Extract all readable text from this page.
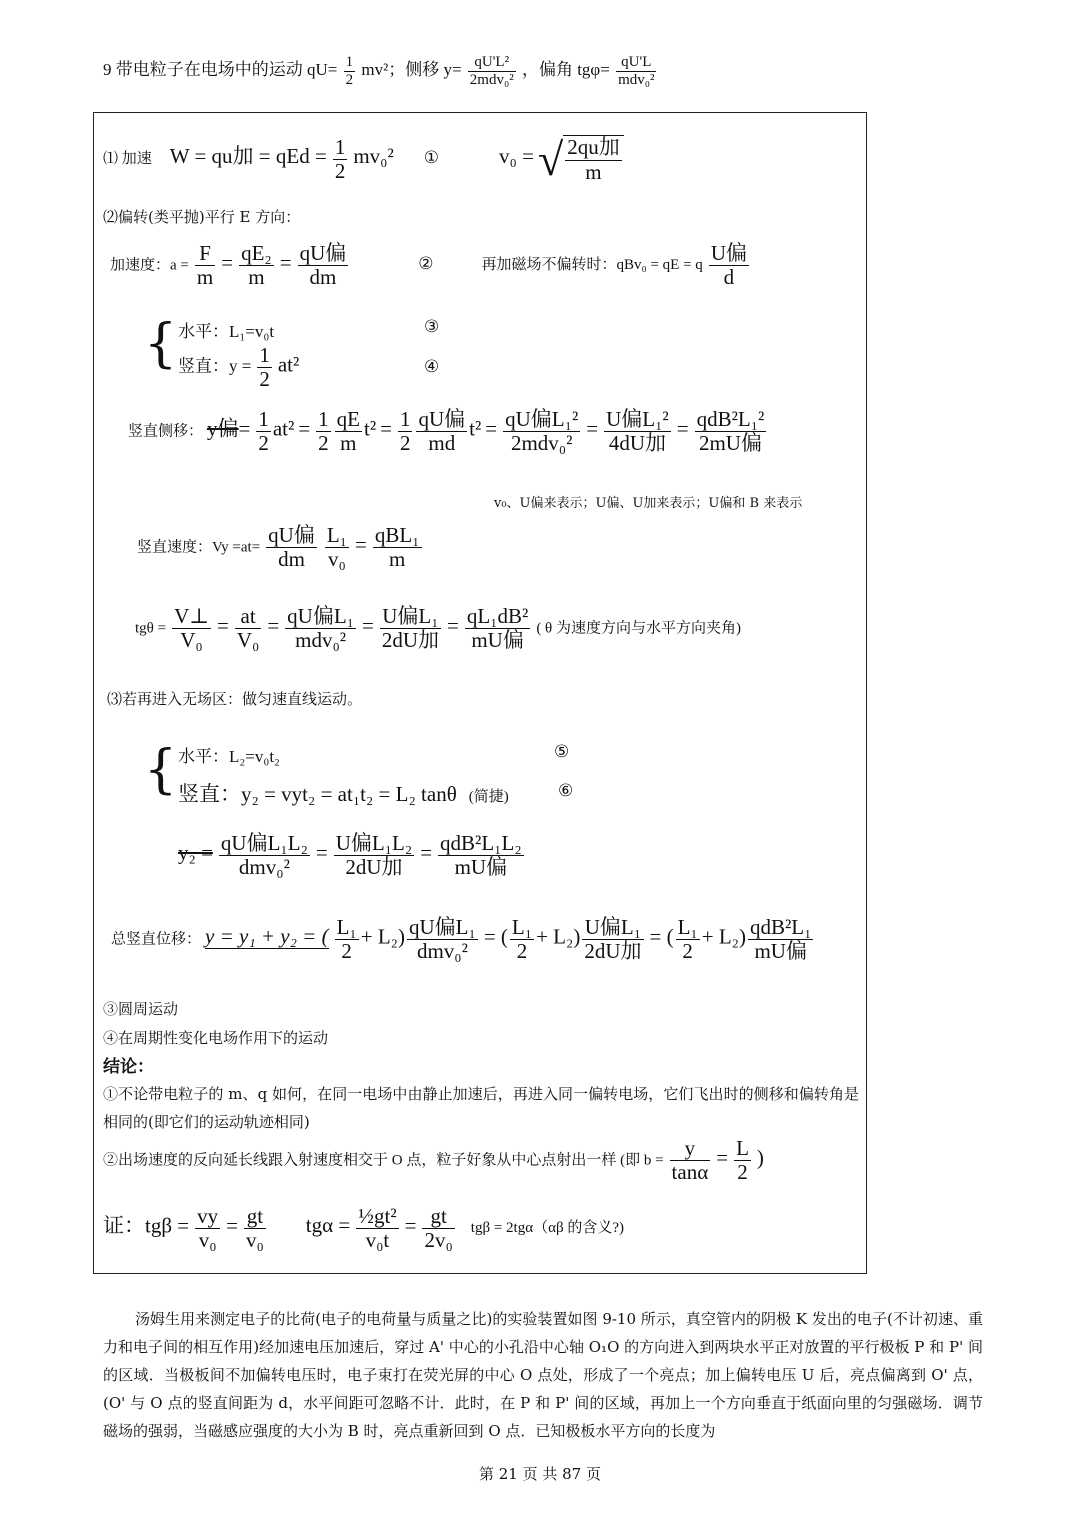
9 带电粒子在电场中的运动 $qU= \frac{1}{2} mv^2$；侧移 $y= \frac{\text{qU'L²}}{\text{2mdv₀²}}$ ，偏角 $tg\varphi= \frac{qU'L}{\text{mdv₀²}}$
⑴ 加速 W = qu加 = qEd = $\frac{1}{2} mv_0^2$ ①	v₀ = √ $\frac{\text{2qu加}}{m}$
⑵偏转(类平抛)平行 E 方向：
加速度：$a = \frac{F}{m} = \frac{\text{qE₂}}{m} = \frac{\text{qU偏}}{dm}$	②	再加磁场不偏转时：qBv₀ = qE = q $\frac{\text{U偏}}{d}$
{ 水平：L₁=v₀t	③
竖直：$y = \frac{1}{2} at^2$	④
竖直侧移： y偏= $\frac{1}{2} at^2 = \frac{1}{2} \frac{qE}{m} t^2 = \frac{1}{2} \frac{\text{qU偏}}{md} t^2 = \frac{\text{qU偏L₁²}}{\text{2mdv₀²}} = \frac{\text{U偏L₁²}}{\text{4dU加}} = \frac{\text{qdB²L₁²}}{\text{2mU偏}}$
v₀、U偏来表示；U偏、U加来表示；U偏和 B 来表示
竖直速度：$Vy =at= \frac{\text{qU偏}}{dm}$
$\frac{\text{L₁}}{\text{v₀}} = \frac{\text{qBL₁}}{m}$
$tg\theta = \frac{V\perp}{\text{V₀}} = \frac{at}{\text{V₀}} = \frac{\text{qU偏L₁}}{\text{mdv₀²}} = \frac{\text{U偏L₁}}{\text{2dU加}} = \frac{\text{qL₁dB²}}{\text{mU偏}}$ ( θ 为速度方向与水平方向夹角)
⑶若再进入无场区：做匀速直线运动。
{ 水平：L₂=v₀t₂	⑤
竖直：y₂ = vyt₂ = at₁t₂ = L₂ tanθ (简捷)	⑥
$y_2 = \frac{\text{qU偏L₁L₂}}{\text{dmv₀²}} = \frac{\text{U偏L₁L₂}}{\text{2dU加}} = \frac{\text{qdB²L₁L₂}}{\text{mU偏}}$
总竖直位移： y = y₁ + y₂ = ( $\frac{\text{L₁}}{2} + L_2) \frac{\text{qU偏L₁}}{\text{dmv₀²}}$ = ( $\frac{\text{L₁}}{2} + L_2) \frac{\text{U偏L₁}}{\text{2dU加}}$ = ( $\frac{\text{L₁}}{2} + L_2) \frac{\text{qdB²L₁}}{\text{mU偏}}$
③圆周运动
④在周期性变化电场作用下的运动
结论：
①不论带电粒子的 m、q 如何，在同一电场中由静止加速后，再进入同一偏转电场，它们飞出时的侧移和偏转角是相同的(即它们的运动轨迹相同)
②出场速度的反向延长线跟入射速度相交于 O 点，粒子好象从中心点射出一样 (即 $b = \frac{y}{\tan\alpha} = \frac{L}{2}$ )
证：$tg\beta = \frac{vy}{\text{v₀}} = \frac{gt}{\text{v₀}}$ $tg\alpha = \frac{\text{½gt²}}{\text{v₀t}} = \frac{gt}{\text{2v₀}}$ tgβ = 2tgα（αβ 的含义?)
汤姆生用来测定电子的比荷(电子的电荷量与质量之比)的实验装置如图 9-10 所示，真空管内的阴极 K 发出的电子(不计初速、重力和电子间的相互作用)经加速电压加速后，穿过 A' 中心的小孔沿中心轴 O₁O 的方向进入到两块水平正对放置的平行极板 P 和 P' 间的区域．当极板间不加偏转电压时，电子束打在荧光屏的中心 O 点处，形成了一个亮点；加上偏转电压 U 后，亮点偏离到 O' 点，(O' 与 O 点的竖直间距为 d，水平间距可忽略不计．此时，在 P 和 P' 间的区域，再加上一个方向垂直于纸面向里的匀强磁场．调节磁场的强弱，当磁感应强度的大小为 B 时，亮点重新回到 O 点．已知极板水平方向的长度为
第 21 页 共 87 页
